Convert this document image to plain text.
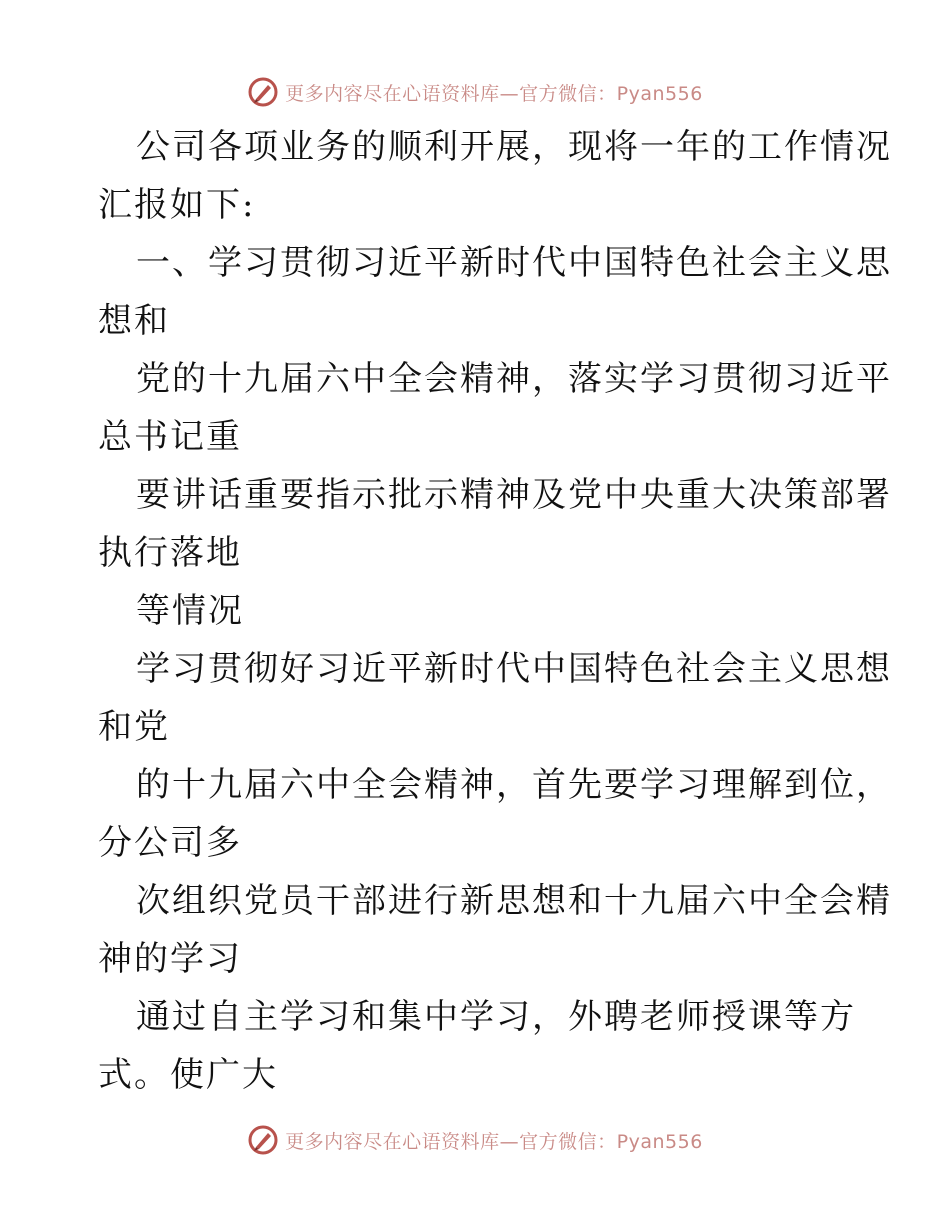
更多内容尽在心语资料库—官方微信：Pyan556
公司各项业务的顺利开展，现将一年的工作情况
汇报如下:
一、学习贯彻习近平新时代中国特色社会主义思
想和
党的十九届六中全会精神，落实学习贯彻习近平
总书记重
要讲话重要指示批示精神及党中央重大决策部署
执行落地
等情况
学习贯彻好习近平新时代中国特色社会主义思想
和党
的十九届六中全会精神，首先要学习理解到位，
分公司多
次组织党员干部进行新思想和十九届六中全会精
神的学习
通过自主学习和集中学习，外聘老师授课等方
式。使广大
更多内容尽在心语资料库—官方微信：Pyan556
